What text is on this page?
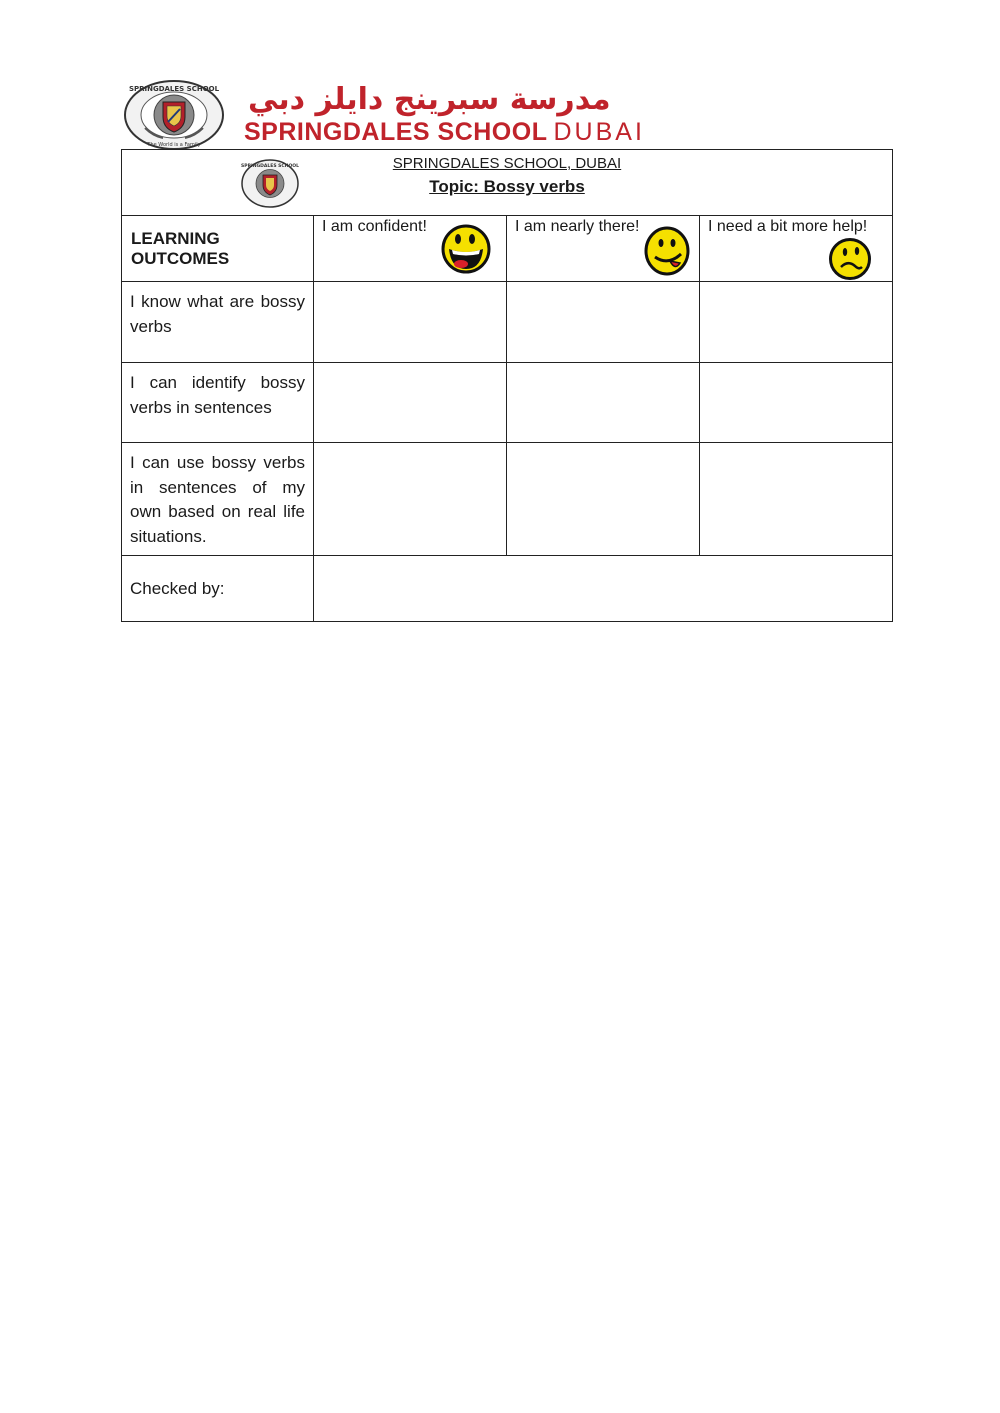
SPRINGDALES SCHOOL
The World is a Family
مدرسة سبرينج دايلز دبي
SPRINGDALES SCHOOL DUBAI
SPRINGDALES SCHOOL SPRINGDALES SCHOOL, DUBAI
Topic: Bossy verbs			

LEARNING OUTCOMES	I am confident!	I am nearly there!	I need a bit more help!

I know what are bossy verbs			
I can identify bossy verbs in sentences			
I can use bossy verbs in sentences of my own based on real life situations.			
Checked by:			
